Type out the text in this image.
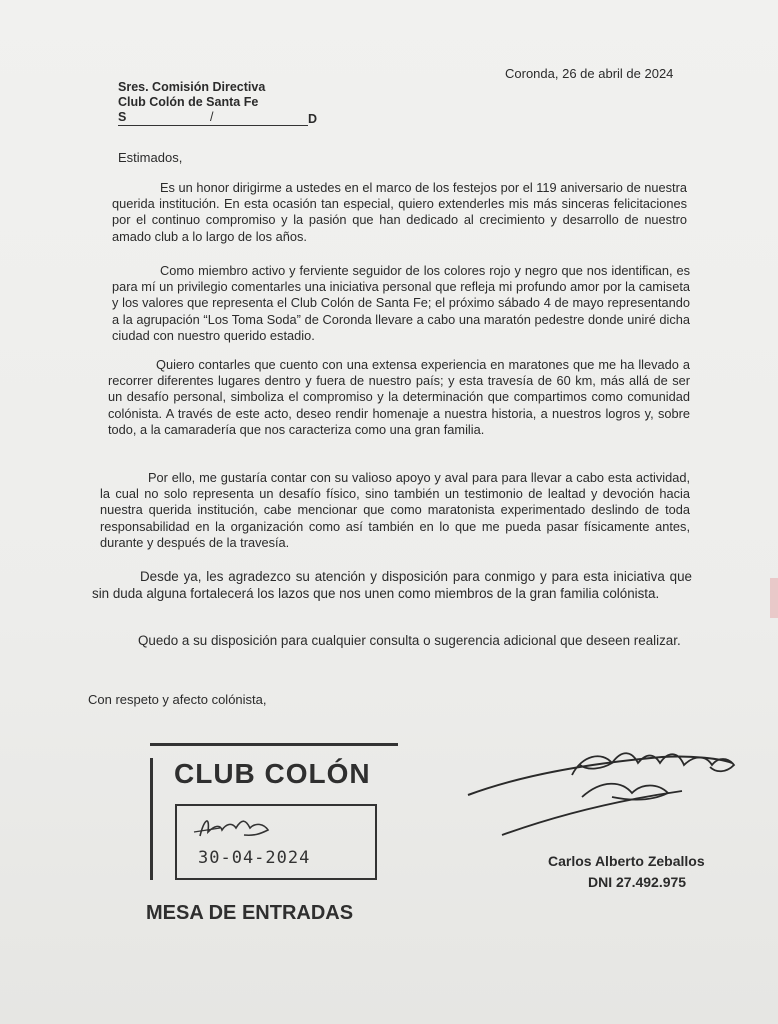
Coronda, 26 de abril de 2024
Sres. Comisión Directiva
Club Colón de Santa Fe
S	/	D
Estimados,

Es un honor dirigirme a ustedes en el marco de los festejos por el 119 aniversario de nuestra querida institución. En esta ocasión tan especial, quiero extenderles mis más sinceras felicitaciones por el continuo compromiso y la pasión que han dedicado al crecimiento y desarrollo de nuestro amado club a lo largo de los años.

Como miembro activo y ferviente seguidor de los colores rojo y negro que nos identifican, es para mí un privilegio comentarles una iniciativa personal que refleja mi profundo amor por la camiseta y los valores que representa el Club Colón de Santa Fe; el próximo sábado 4 de mayo representando a la agrupación “Los Toma Soda” de Coronda llevare a cabo una maratón pedestre donde uniré dicha ciudad con nuestro querido estadio.

Quiero contarles que cuento con una extensa experiencia en maratones que me ha llevado a recorrer diferentes lugares dentro y fuera de nuestro país; y esta travesía de 60 km, más allá de ser un desafío personal, simboliza el compromiso y la determinación que compartimos como comunidad colónista. A través de este acto, deseo rendir homenaje a nuestra historia, a nuestros logros y, sobre todo, a la camaradería que nos caracteriza como una gran familia.

Por ello, me gustaría contar con su valioso apoyo y aval para para llevar a cabo esta actividad, la cual no solo representa un desafío físico, sino también un testimonio de lealtad y devoción hacia nuestra querida institución, cabe mencionar que como maratonista experimentado deslindo de toda responsabilidad en la organización como así también en lo que me pueda pasar físicamente antes, durante y después de la travesía.

Desde ya, les agradezco su atención y disposición para conmigo y para esta iniciativa que sin duda alguna fortalecerá los lazos que nos unen como miembros de la gran familia colónista.

Quedo a su disposición para cualquier consulta o sugerencia adicional que deseen realizar.

Con respeto y afecto colónista,
CLUB COLÓN
30-04-2024
MESA DE ENTRADAS
Carlos Alberto Zeballos
DNI 27.492.975
